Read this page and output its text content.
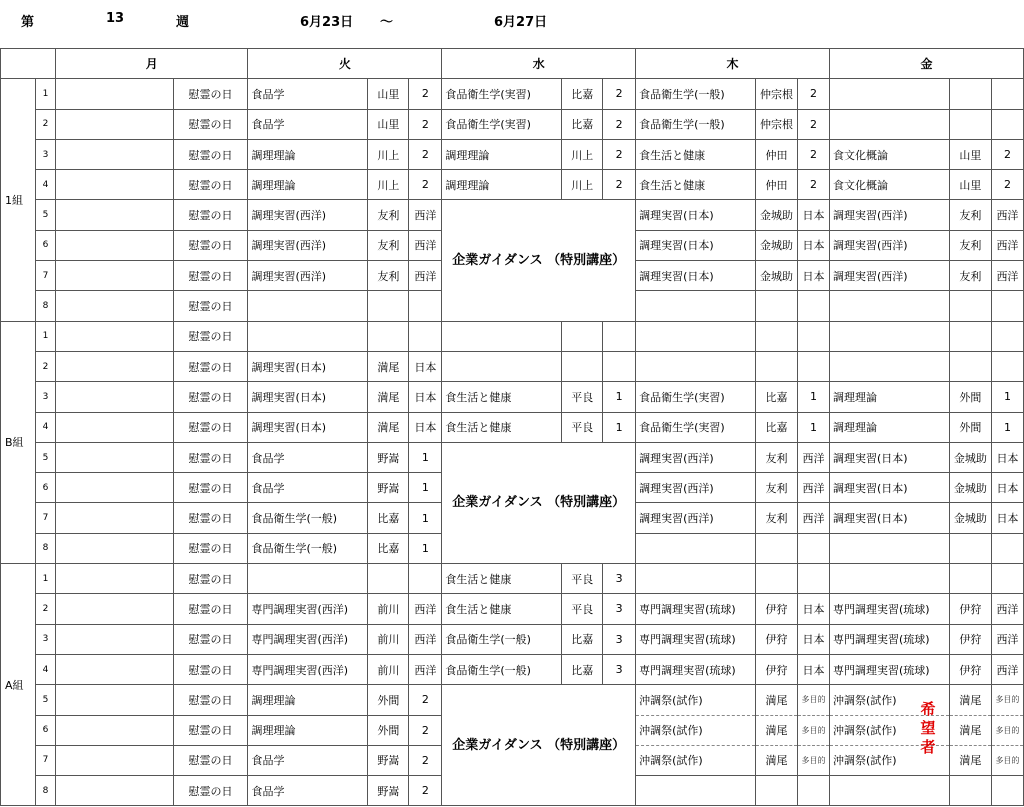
第	13	週	6月23日 〜	6月27日
		月		火			水			木			金		
1組	1		慰霊の日	食品学	山里	2	食品衛生学(実習)	比嘉	2	食品衛生学(一般)	仲宗根	2			
	2		慰霊の日	食品学	山里	2	食品衛生学(実習)	比嘉	2	食品衛生学(一般)	仲宗根	2			
	3		慰霊の日	調理理論	川上	2	調理理論	川上	2	食生活と健康	仲田	2	食文化概論	山里	2
	4		慰霊の日	調理理論	川上	2	調理理論	川上	2	食生活と健康	仲田	2	食文化概論	山里	2
	5		慰霊の日	調理実習(西洋)	友利	西洋	企業ガイダンス （特別講座）			調理実習(日本)	金城助	日本	調理実習(西洋)	友利	西洋
	6		慰霊の日	調理実習(西洋)	友利	西洋				調理実習(日本)	金城助	日本	調理実習(西洋)	友利	西洋
	7		慰霊の日	調理実習(西洋)	友利	西洋				調理実習(日本)	金城助	日本	調理実習(西洋)	友利	西洋
	8		慰霊の日												
B組	1		慰霊の日												
	2		慰霊の日	調理実習(日本)	満尾	日本									
	3		慰霊の日	調理実習(日本)	満尾	日本	食生活と健康	平良	1	食品衛生学(実習)	比嘉	1	調理理論	外間	1
	4		慰霊の日	調理実習(日本)	満尾	日本	食生活と健康	平良	1	食品衛生学(実習)	比嘉	1	調理理論	外間	1
	5		慰霊の日	食品学	野嵩	1	企業ガイダンス （特別講座）			調理実習(西洋)	友利	西洋	調理実習(日本)	金城助	日本
	6		慰霊の日	食品学	野嵩	1				調理実習(西洋)	友利	西洋	調理実習(日本)	金城助	日本
	7		慰霊の日	食品衛生学(一般)	比嘉	1				調理実習(西洋)	友利	西洋	調理実習(日本)	金城助	日本
	8		慰霊の日	食品衛生学(一般)	比嘉	1									
A組	1		慰霊の日				食生活と健康	平良	3						
	2		慰霊の日	専門調理実習(西洋)	前川	西洋	食生活と健康	平良	3	専門調理実習(琉球)	伊狩	日本	専門調理実習(琉球)	伊狩	西洋
	3		慰霊の日	専門調理実習(西洋)	前川	西洋	食品衛生学(一般)	比嘉	3	専門調理実習(琉球)	伊狩	日本	専門調理実習(琉球)	伊狩	西洋
	4		慰霊の日	専門調理実習(西洋)	前川	西洋	食品衛生学(一般)	比嘉	3	専門調理実習(琉球)	伊狩	日本	専門調理実習(琉球)	伊狩	西洋
	5		慰霊の日	調理理論	外間	2	企業ガイダンス （特別講座）			沖調祭(試作)	満尾	多目的	沖調祭(試作)	満尾	多目的
	6		慰霊の日	調理理論	外間	2				沖調祭(試作)	満尾	多目的	沖調祭(試作)	満尾	多目的
	7		慰霊の日	食品学	野嵩	2				沖調祭(試作)	満尾	多目的	沖調祭(試作)	満尾	多目的
	8		慰霊の日	食品学	野嵩	2									
希
望
者
